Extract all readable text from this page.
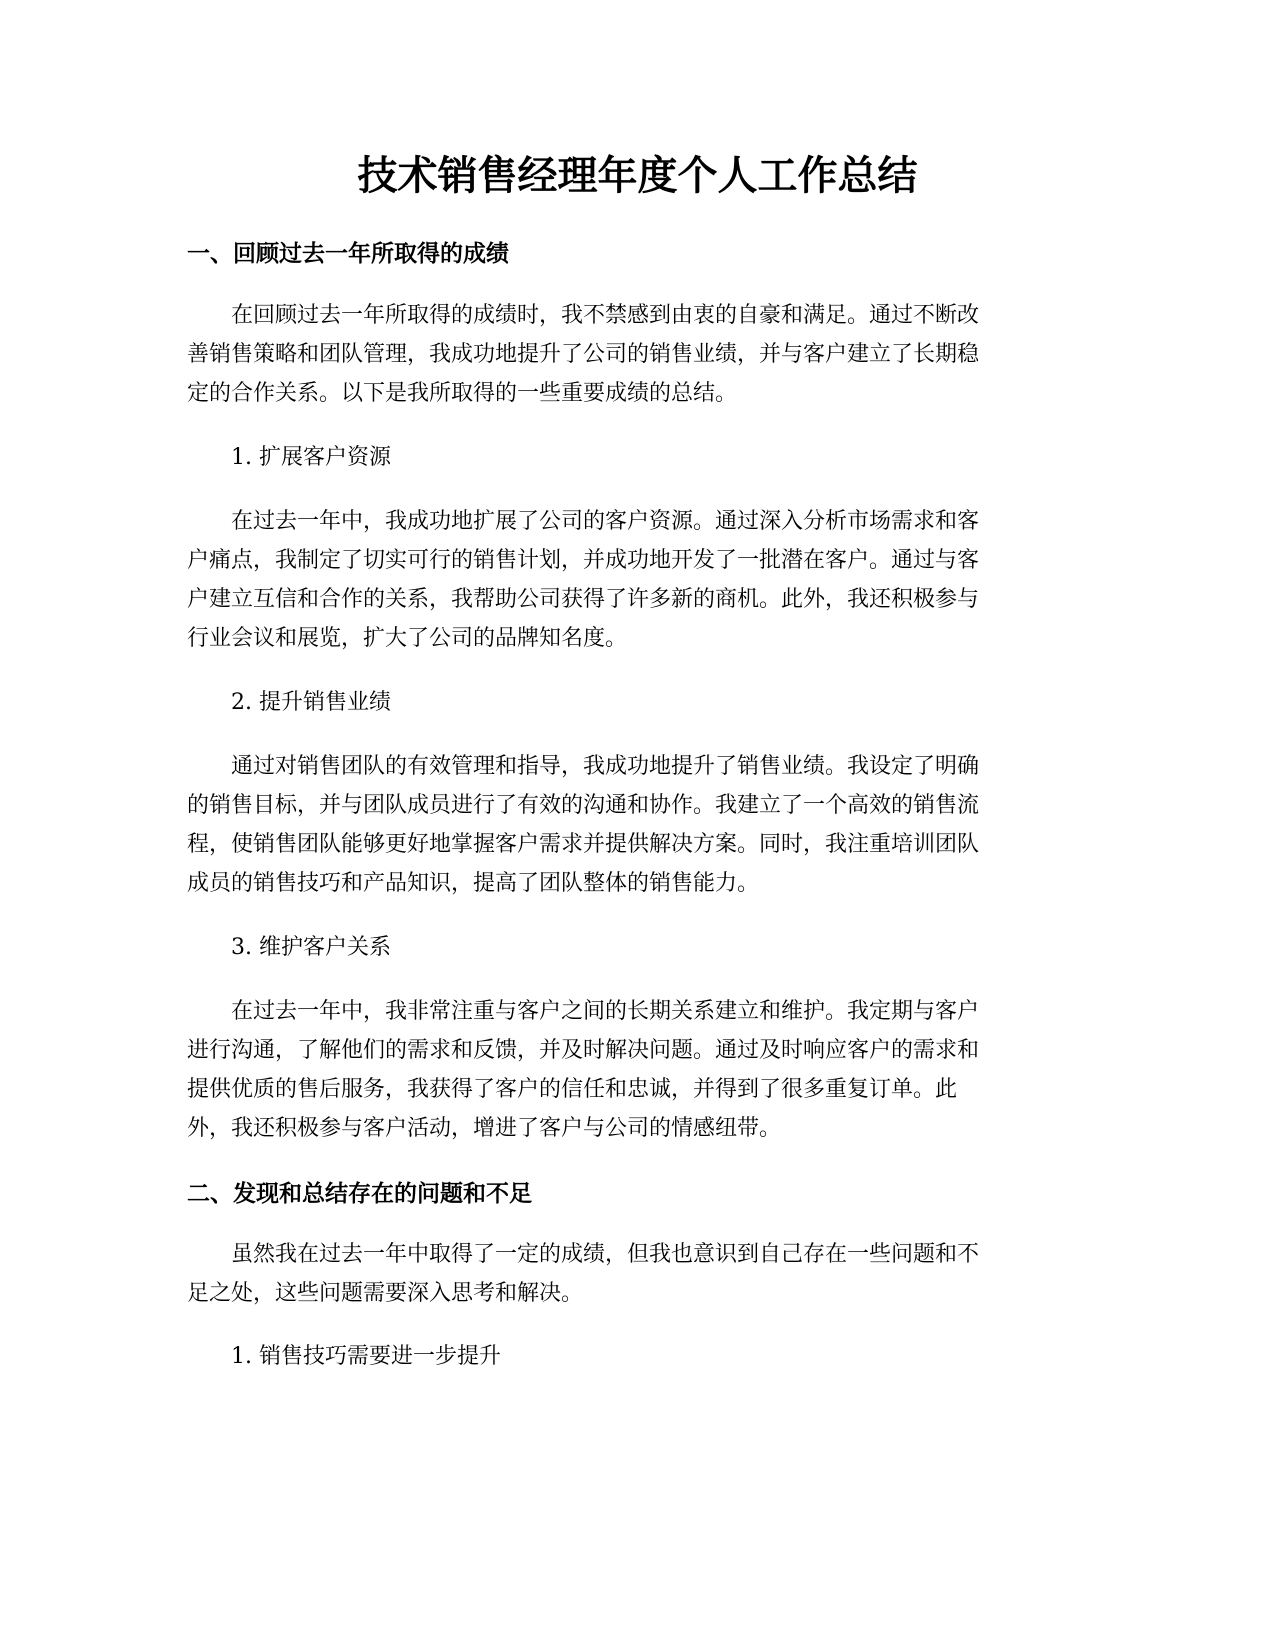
技术销售经理年度个人工作总结
一、回顾过去一年所取得的成绩
在回顾过去一年所取得的成绩时，我不禁感到由衷的自豪和满足。通过不断改
善销售策略和团队管理，我成功地提升了公司的销售业绩，并与客户建立了长期稳
定的合作关系。以下是我所取得的一些重要成绩的总结。

1. 扩展客户资源

在过去一年中，我成功地扩展了公司的客户资源。通过深入分析市场需求和客
户痛点，我制定了切实可行的销售计划，并成功地开发了一批潜在客户。通过与客
户建立互信和合作的关系，我帮助公司获得了许多新的商机。此外，我还积极参与
行业会议和展览，扩大了公司的品牌知名度。

2. 提升销售业绩

通过对销售团队的有效管理和指导，我成功地提升了销售业绩。我设定了明确
的销售目标，并与团队成员进行了有效的沟通和协作。我建立了一个高效的销售流
程，使销售团队能够更好地掌握客户需求并提供解决方案。同时，我注重培训团队
成员的销售技巧和产品知识，提高了团队整体的销售能力。

3. 维护客户关系

在过去一年中，我非常注重与客户之间的长期关系建立和维护。我定期与客户
进行沟通，了解他们的需求和反馈，并及时解决问题。通过及时响应客户的需求和
提供优质的售后服务，我获得了客户的信任和忠诚，并得到了很多重复订单。此
外，我还积极参与客户活动，增进了客户与公司的情感纽带。
二、发现和总结存在的问题和不足
虽然我在过去一年中取得了一定的成绩，但我也意识到自己存在一些问题和不
足之处，这些问题需要深入思考和解决。

1. 销售技巧需要进一步提升
